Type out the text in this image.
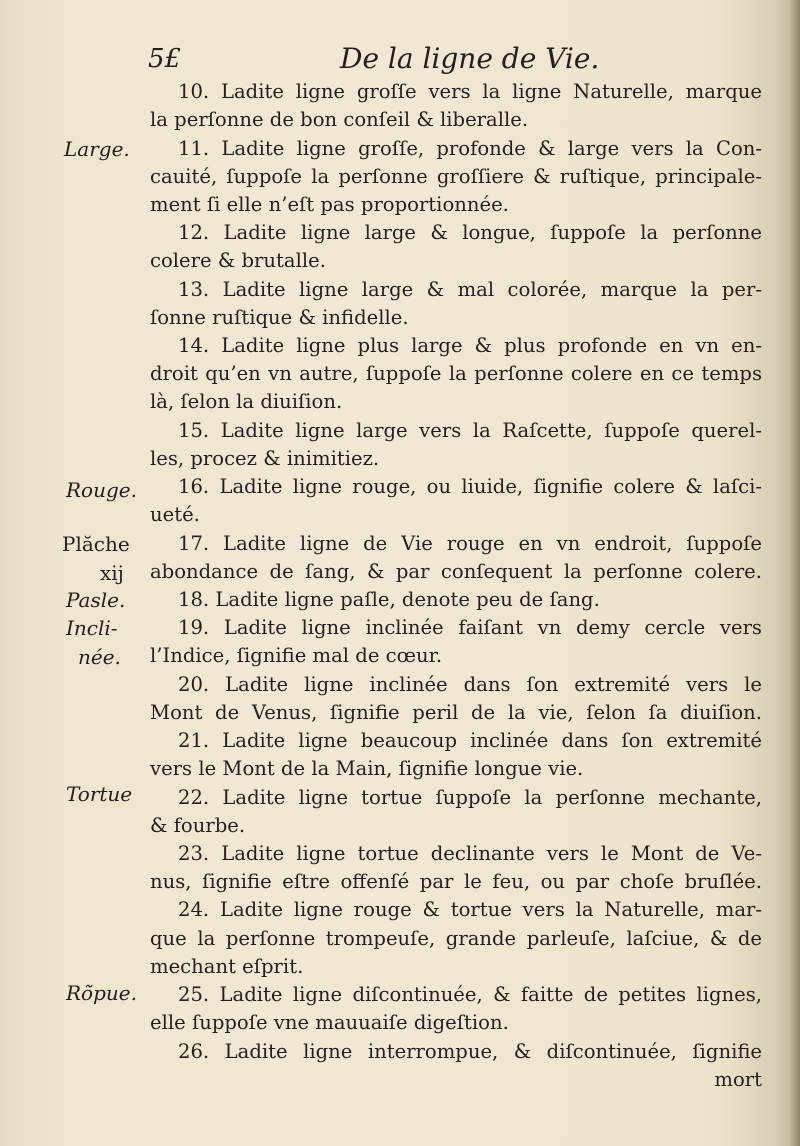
5£	De la ligne de Vie.
Large.
Rouge.
Plăche
xij
Pasle.
Incli-
née.
Tortue
Rõpue.
10. Ladite ligne groſſe vers la ligne Naturelle, marque
la perſonne de bon conſeil & liberalle.
11. Ladite ligne groſſe, profonde & large vers la Con-
cauité, ſuppoſe la perſonne groſſiere & ruſtique, principale-
ment ſi elle n’eſt pas proportionnée.
12. Ladite ligne large & longue, ſuppoſe la perſonne
colere & brutalle.
13. Ladite ligne large & mal colorée, marque la per-
ſonne ruſtique & infidelle.
14. Ladite ligne plus large & plus profonde en vn en-
droit qu’en vn autre, ſuppoſe la perſonne colere en ce temps
là, ſelon la diuiſion.
15. Ladite ligne large vers la Raſcette, ſuppoſe querel-
les, procez & inimitiez.
16. Ladite ligne rouge, ou liuide, ſignifie colere & laſci-
ueté.
17. Ladite ligne de Vie rouge en vn endroit, ſuppoſe
abondance de ſang, & par conſequent la perſonne colere.
18. Ladite ligne paſle, denote peu de ſang.
19. Ladite ligne inclinée faiſant vn demy cercle vers
l’Indice, ſignifie mal de cœur.
20. Ladite ligne inclinée dans ſon extremité vers le
Mont de Venus, ſignifie peril de la vie, ſelon ſa diuiſion.
21. Ladite ligne beaucoup inclinée dans ſon extremité
vers le Mont de la Main, ſignifie longue vie.
22. Ladite ligne tortue ſuppoſe la perſonne mechante,
& fourbe.
23. Ladite ligne tortue declinante vers le Mont de Ve-
nus, ſignifie eſtre offenſé par le feu, ou par choſe bruſlée.
24. Ladite ligne rouge & tortue vers la Naturelle, mar-
que la perſonne trompeuſe, grande parleuſe, laſciue, & de
mechant eſprit.
25. Ladite ligne diſcontinuée, & faitte de petites lignes,
elle ſuppoſe vne mauuaiſe digeſtion.
26. Ladite ligne interrompue, & diſcontinuée, ſignifie
mort
